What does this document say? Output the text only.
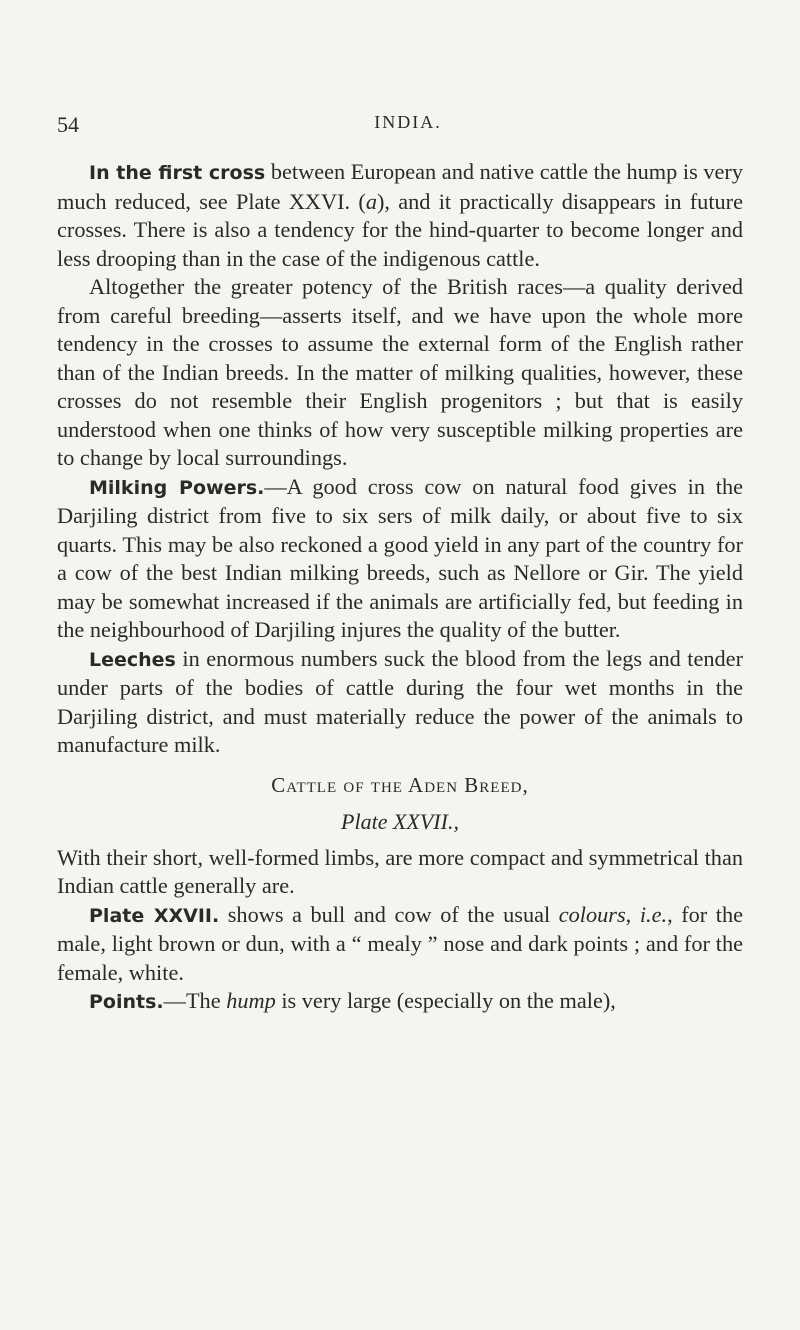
54	INDIA.

In the first cross between European and native cattle the hump is very much reduced, see Plate XXVI. (a), and it practically disappears in future crosses. There is also a tendency for the hind-quarter to become longer and less drooping than in the case of the indigenous cattle.

Altogether the greater potency of the British races—a quality derived from careful breeding—asserts itself, and we have upon the whole more tendency in the crosses to assume the external form of the English rather than of the Indian breeds. In the matter of milking qualities, however, these crosses do not resemble their English progenitors ; but that is easily understood when one thinks of how very susceptible milking properties are to change by local surroundings.

Milking Powers.—A good cross cow on natural food gives in the Darjiling district from five to six sers of milk daily, or about five to six quarts. This may be also reckoned a good yield in any part of the country for a cow of the best Indian milking breeds, such as Nellore or Gir. The yield may be somewhat increased if the animals are artificially fed, but feeding in the neighbourhood of Darjiling injures the quality of the butter.

Leeches in enormous numbers suck the blood from the legs and tender under parts of the bodies of cattle during the four wet months in the Darjiling district, and must materially reduce the power of the animals to manufacture milk.

Cattle of the Aden Breed,
Plate XXVII.,

With their short, well-formed limbs, are more compact and symmetrical than Indian cattle generally are.

Plate XXVII. shows a bull and cow of the usual colours, i.e., for the male, light brown or dun, with a “ mealy ” nose and dark points ; and for the female, white.

Points.—The hump is very large (especially on the male),
